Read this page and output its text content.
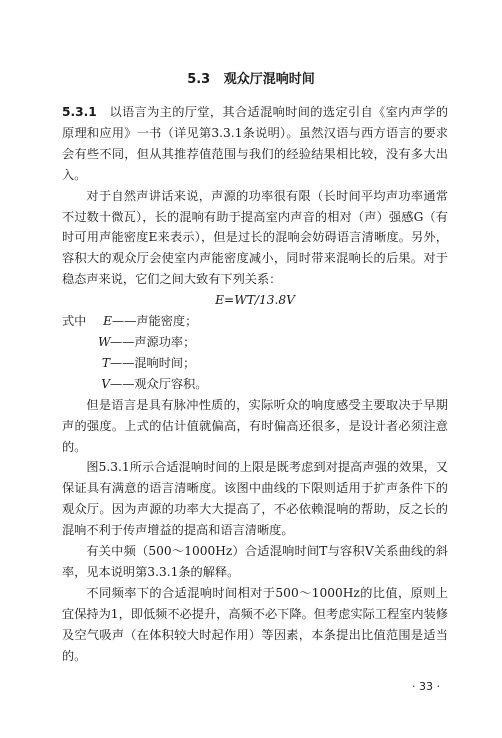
5.3 观众厅混响时间

5.3.1 以语言为主的厅堂，其合适混响时间的选定引自《室内声学的原理和应用》一书（详见第3.3.1条说明）。虽然汉语与西方语言的要求会有些不同，但从其推荐值范围与我们的经验结果相比较，没有多大出入。

对于自然声讲话来说，声源的功率很有限（长时间平均声功率通常不过数十微瓦），长的混响有助于提高室内声音的相对（声）强感G（有时可用声能密度E来表示），但是过长的混响会妨碍语言清晰度。另外，容积大的观众厅会使室内声能密度减小，同时带来混响长的后果。对于稳态声来说，它们之间大致有下列关系：

E=WT/13.8V
式中 E——声能密度；
W——声源功率；
T——混响时间；
V——观众厅容积。

但是语言是具有脉冲性质的，实际听众的响度感受主要取决于早期声的强度。上式的估计值就偏高，有时偏高还很多，是设计者必须注意的。

图5.3.1所示合适混响时间的上限是既考虑到对提高声强的效果，又保证具有满意的语言清晰度。该图中曲线的下限则适用于扩声条件下的观众厅。因为声源的功率大大提高了，不必依赖混响的帮助，反之长的混响不利于传声增益的提高和语言清晰度。

有关中频（500～1000Hz）合适混响时间T与容积V关系曲线的斜率，见本说明第3.3.1条的解释。

不同频率下的合适混响时间相对于500～1000Hz的比值，原则上宜保持为1，即低频不必提升，高频不必下降。但考虑实际工程室内装修及空气吸声（在体积较大时起作用）等因素，本条提出比值范围是适当的。

· 33 ·
